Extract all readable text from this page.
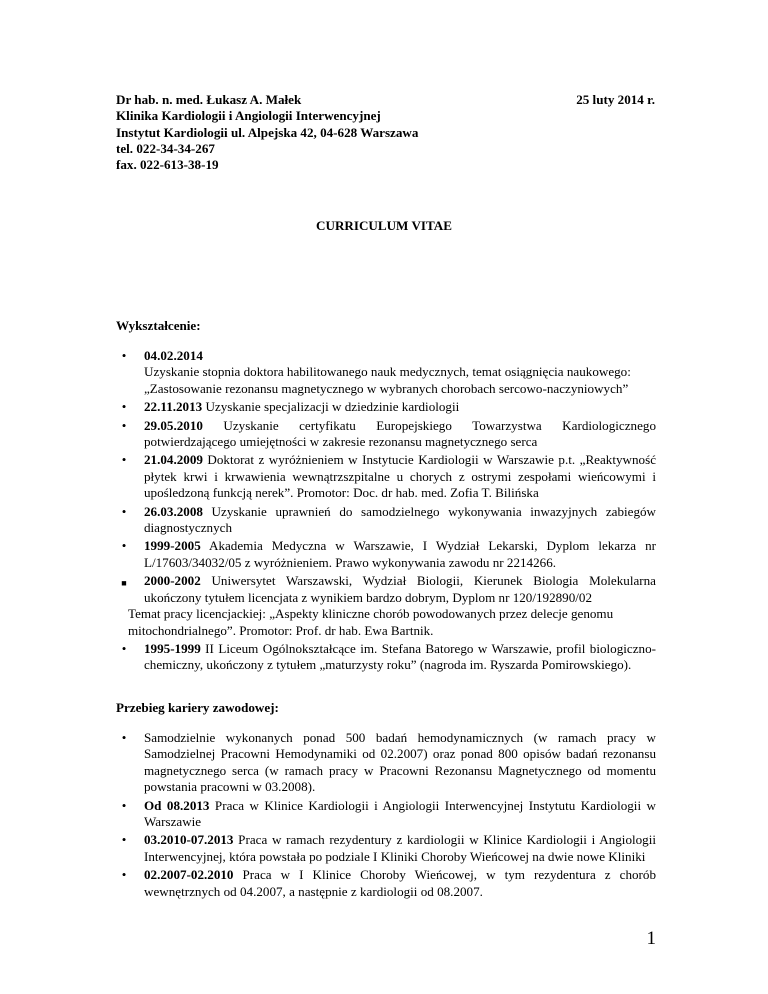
Dr hab. n. med. Łukasz A. Małek
Klinika Kardiologii i Angiologii Interwencyjnej
Instytut Kardiologii ul. Alpejska 42, 04-628 Warszawa
tel. 022-34-34-267
fax. 022-613-38-19
25 luty 2014 r.
CURRICULUM VITAE
Wykształcenie:
• 04.02.2014Uzyskanie stopnia doktora habilitowanego nauk medycznych, temat osiągnięcia naukowego: „Zastosowanie rezonansu magnetycznego w wybranych chorobach sercowo-naczyniowych”
• 22.11.2013 Uzyskanie specjalizacji w dziedzinie kardiologii
• 29.05.2010 Uzyskanie certyfikatu Europejskiego Towarzystwa Kardiologicznego potwierdzającego umiejętności w zakresie rezonansu magnetycznego serca
• 21.04.2009 Doktorat z wyróżnieniem w Instytucie Kardiologii w Warszawie p.t. „Reaktywność płytek krwi i krwawienia wewnątrzszpitalne u chorych z ostrymi zespołami wieńcowymi i upośledzoną funkcją nerek”. Promotor: Doc. dr hab. med. Zofia T. Bilińska
• 26.03.2008 Uzyskanie uprawnień do samodzielnego wykonywania inwazyjnych zabiegów diagnostycznych
• 1999-2005 Akademia Medyczna w Warszawie, I Wydział Lekarski, Dyplom lekarza nr L/17603/34032/05 z wyróżnieniem. Prawo wykonywania zawodu nr 2214266.
■ 2000-2002 Uniwersytet Warszawski, Wydział Biologii, Kierunek Biologia Molekularna ukończony tytułem licencjata z wynikiem bardzo dobrym, Dyplom nr 120/192890/02
Temat pracy licencjackiej: „Aspekty kliniczne chorób powodowanych przez delecje genomu mitochondrialnego”. Promotor: Prof. dr hab. Ewa Bartnik.
• 1995-1999 II Liceum Ogólnokształcące im. Stefana Batorego w Warszawie, profil biologiczno-chemiczny, ukończony z tytułem „maturzysty roku” (nagroda im. Ryszarda Pomirowskiego).
Przebieg kariery zawodowej:
• Samodzielnie wykonanych ponad 500 badań hemodynamicznych (w ramach pracy w Samodzielnej Pracowni Hemodynamiki od 02.2007) oraz ponad 800 opisów badań rezonansu magnetycznego serca (w ramach pracy w Pracowni Rezonansu Magnetycznego od momentu powstania pracowni w 03.2008).
• Od 08.2013 Praca w Klinice Kardiologii i Angiologii Interwencyjnej Instytutu Kardiologii w Warszawie
• 03.2010-07.2013 Praca w ramach rezydentury z kardiologii w Klinice Kardiologii i Angiologii Interwencyjnej, która powstała po podziale I Kliniki Choroby Wieńcowej na dwie nowe Kliniki
• 02.2007-02.2010 Praca w I Klinice Choroby Wieńcowej, w tym rezydentura z chorób wewnętrznych od 04.2007, a następnie z kardiologii od 08.2007.
1
